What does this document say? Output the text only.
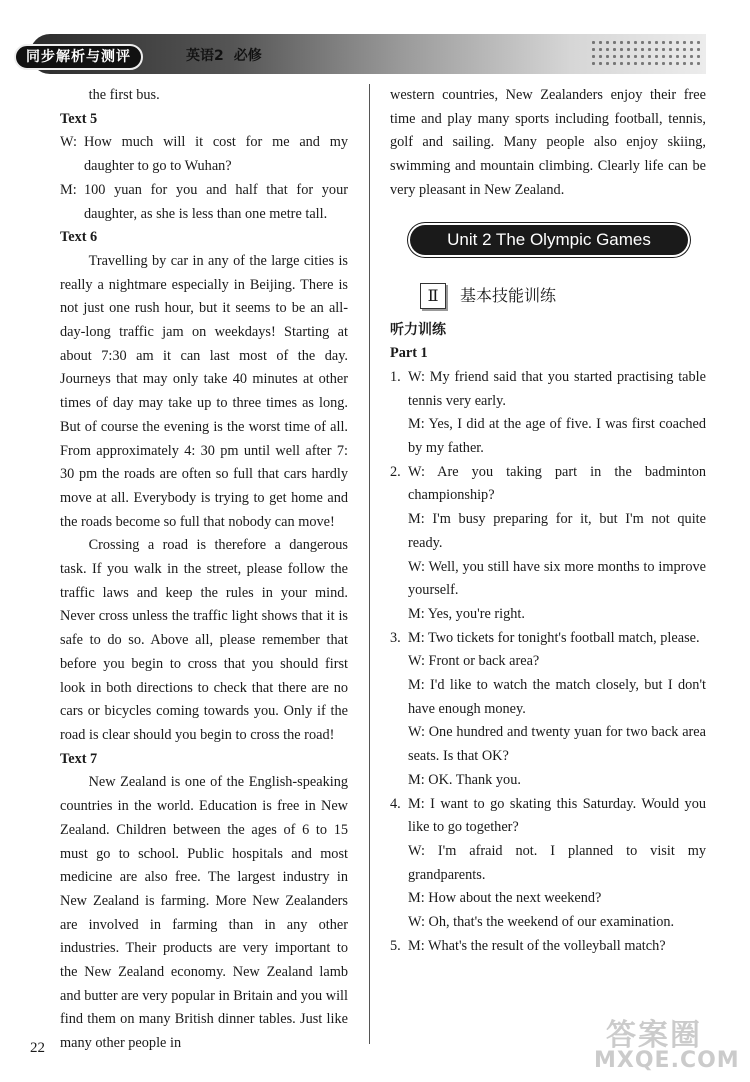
同步解析与测评	英语2 必修

the first bus.

Text 5

W: How much will it cost for me and my daughter to go to Wuhan?
M: 100 yuan for you and half that for your daughter, as she is less than one metre tall.

Text 6

Travelling by car in any of the large cities is really a nightmare especially in Beijing. There is not just one rush hour, but it seems to be an all-day-long traffic jam on weekdays! Starting at about 7:30 am it can last most of the day. Journeys that may only take 40 minutes at other times of day may take up to three times as long. But of course the evening is the worst time of all. From approximately 4: 30 pm until well after 7: 30 pm the roads are often so full that cars hardly move at all. Everybody is trying to get home and the roads become so full that nobody can move!

Crossing a road is therefore a dangerous task. If you walk in the street, please follow the traffic laws and keep the rules in your mind. Never cross unless the traffic light shows that it is safe to do so. Above all, please remember that before you begin to cross that you should first look in both directions to check that there are no cars or bicycles coming towards you. Only if the road is clear should you begin to cross the road!

Text 7

New Zealand is one of the English-speaking countries in the world. Education is free in New Zealand. Children between the ages of 6 to 15 must go to school. Public hospitals and most medicine are also free. The largest industry in New Zealand is farming. More New Zealanders are involved in farming than in any other industries. Their products are very important to the New Zealand economy. New Zealand lamb and butter are very popular in Britain and you will find them on many British dinner tables. Just like many other people in

western countries, New Zealanders enjoy their free time and play many sports including football, tennis, golf and sailing. Many people also enjoy skiing, swimming and mountain climbing. Clearly life can be very pleasant in New Zealand.

Unit 2 The Olympic Games
Ⅱ	基本技能训练

听力训练

Part 1

1. W: My friend said that you started practising table tennis very early.
M: Yes, I did at the age of five. I was first coached by my father.
2. W: Are you taking part in the badminton championship?
M: I'm busy preparing for it, but I'm not quite ready.
W: Well, you still have six more months to improve yourself.
M: Yes, you're right.
3. M: Two tickets for tonight's football match, please.
W: Front or back area?
M: I'd like to watch the match closely, but I don't have enough money.
W: One hundred and twenty yuan for two back area seats. Is that OK?
M: OK. Thank you.
4. M: I want to go skating this Saturday. Would you like to go together?
W: I'm afraid not. I planned to visit my grandparents.
M: How about the next weekend?
W: Oh, that's the weekend of our examination.
5. M: What's the result of the volleyball match?
22	答案圈
MXQE.COM
